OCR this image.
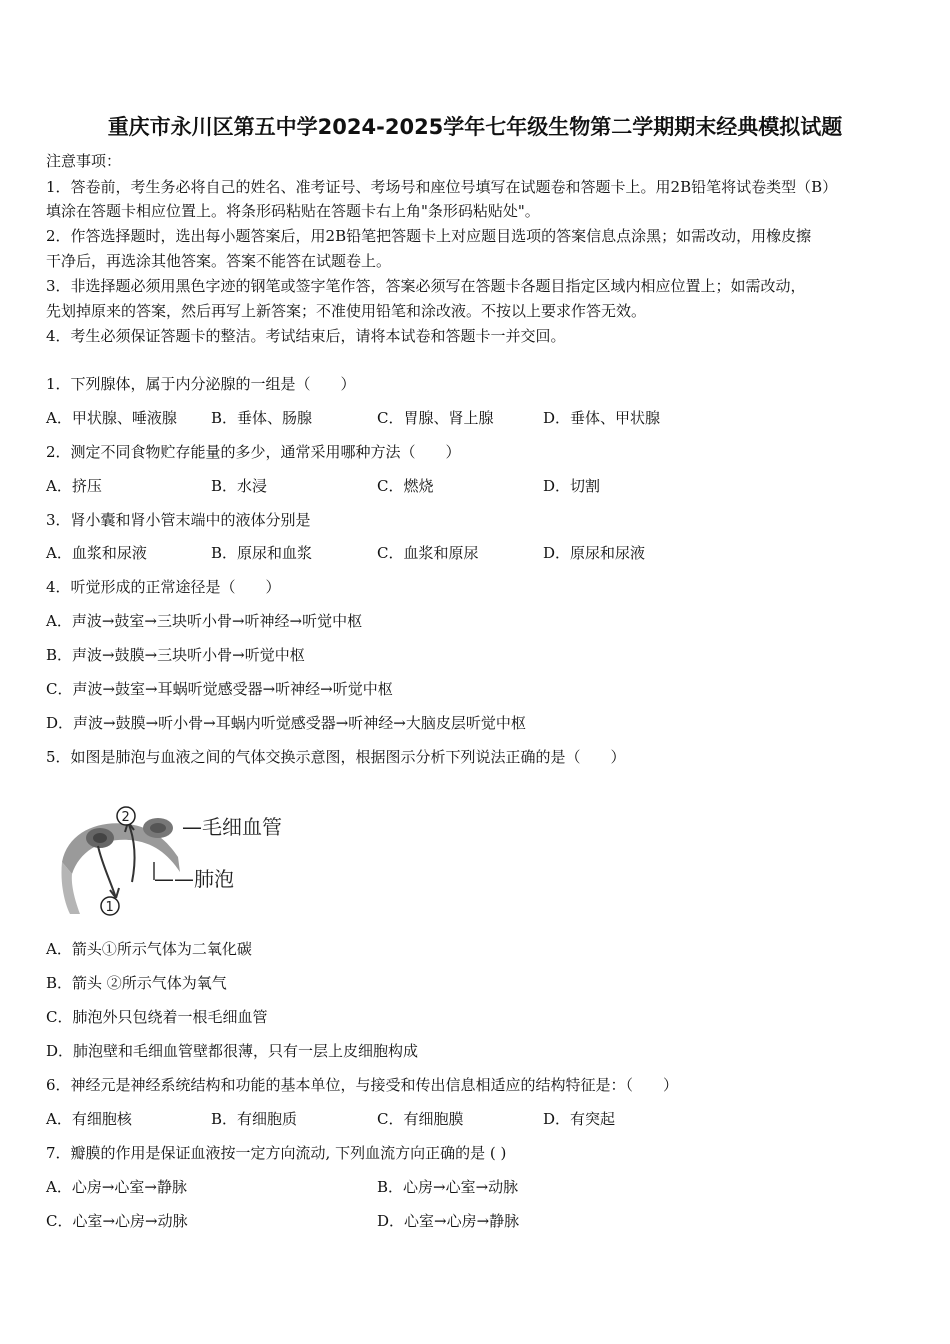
重庆市永川区第五中学2024-2025学年七年级生物第二学期期末经典模拟试题
注意事项：
1．答卷前，考生务必将自己的姓名、准考证号、考场号和座位号填写在试题卷和答题卡上。用2B铅笔将试卷类型（B）
填涂在答题卡相应位置上。将条形码粘贴在答题卡右上角"条形码粘贴处"。
2．作答选择题时，选出每小题答案后，用2B铅笔把答题卡上对应题目选项的答案信息点涂黑；如需改动，用橡皮擦
干净后，再选涂其他答案。答案不能答在试题卷上。
3．非选择题必须用黑色字迹的钢笔或签字笔作答，答案必须写在答题卡各题目指定区域内相应位置上；如需改动，
先划掉原来的答案，然后再写上新答案；不准使用铅笔和涂改液。不按以上要求作答无效。
4．考生必须保证答题卡的整洁。考试结束后，请将本试卷和答题卡一并交回。
1．下列腺体，属于内分泌腺的一组是（　　）
A．甲状腺、唾液腺 B．垂体、肠腺	C．胃腺、肾上腺	D．垂体、甲状腺
2．测定不同食物贮存能量的多少，通常采用哪种方法（　　）
A．挤压	B．水浸	C．燃烧	D．切割
3．肾小囊和肾小管末端中的液体分别是
A．血浆和尿液	B．原尿和血浆	C．血浆和原尿	D．原尿和尿液
4．听觉形成的正常途径是（　　）
A．声波→鼓室→三块听小骨→听神经→听觉中枢
B．声波→鼓膜→三块听小骨→听觉中枢
C．声波→鼓室→耳蜗听觉感受器→听神经→听觉中枢
D．声波→鼓膜→听小骨→耳蜗内听觉感受器→听神经→大脑皮层听觉中枢
5．如图是肺泡与血液之间的气体交换示意图，根据图示分析下列说法正确的是（　　）
2
1
—毛细血管
——肺泡
A．箭头①所示气体为二氧化碳
B．箭头 ②所示气体为氧气
C．肺泡外只包绕着一根毛细血管
D．肺泡壁和毛细血管壁都很薄，只有一层上皮细胞构成
6．神经元是神经系统结构和功能的基本单位，与接受和传出信息相适应的结构特征是：（　　）
A．有细胞核	B．有细胞质	C．有细胞膜	D．有突起
7．瓣膜的作用是保证血液按一定方向流动, 下列血流方向正确的是 ( )
A．心房→心室→静脉	B．心房→心室→动脉
C．心室→心房→动脉	D．心室→心房→静脉
